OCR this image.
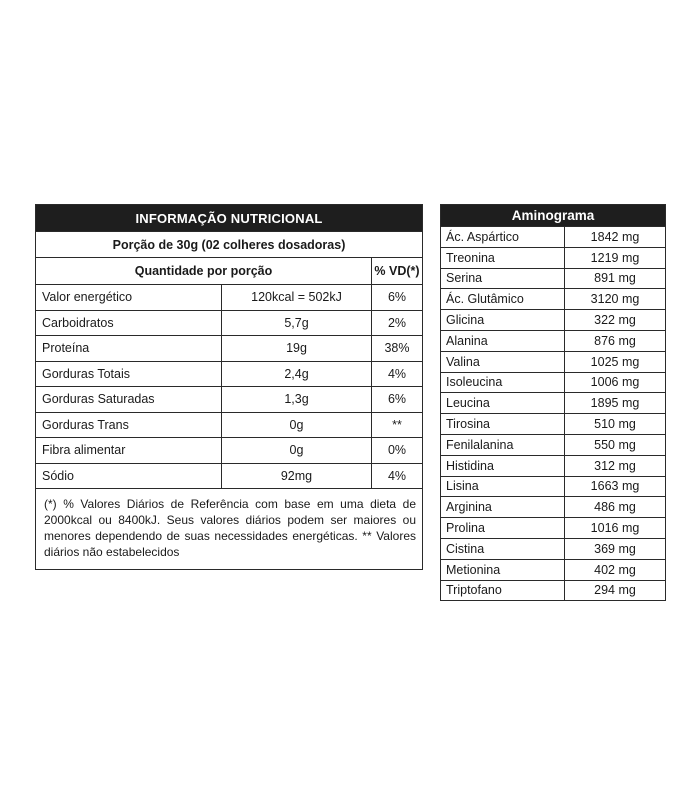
INFORMAÇÃO NUTRICIONAL
Porção de 30g (02 colheres dosadoras)
Quantidade por porção		% VD(*)
Valor energético	120kcal = 502kJ	6%
Carboidratos	5,7g	2%
Proteína	19g	38%
Gorduras Totais	2,4g	4%
Gorduras Saturadas	1,3g	6%
Gorduras Trans	0g	**
Fibra alimentar	0g	0%
Sódio	92mg	4%
(*) % Valores Diários de Referência com base em uma dieta de 2000kcal ou 8400kJ. Seus valores diários podem ser maiores ou menores dependendo de suas necessidades energéticas. ** Valores diários não estabelecidos
Aminograma
Ác. Aspártico	1842 mg
Treonina	1219 mg
Serina	891 mg
Ác. Glutâmico	3120 mg
Glicina	322 mg
Alanina	876 mg
Valina	1025 mg
Isoleucina	1006 mg
Leucina	1895 mg
Tirosina	510 mg
Fenilalanina	550 mg
Histidina	312 mg
Lisina	1663 mg
Arginina	486 mg
Prolina	1016 mg
Cistina	369 mg
Metionina	402 mg
Triptofano	294 mg
